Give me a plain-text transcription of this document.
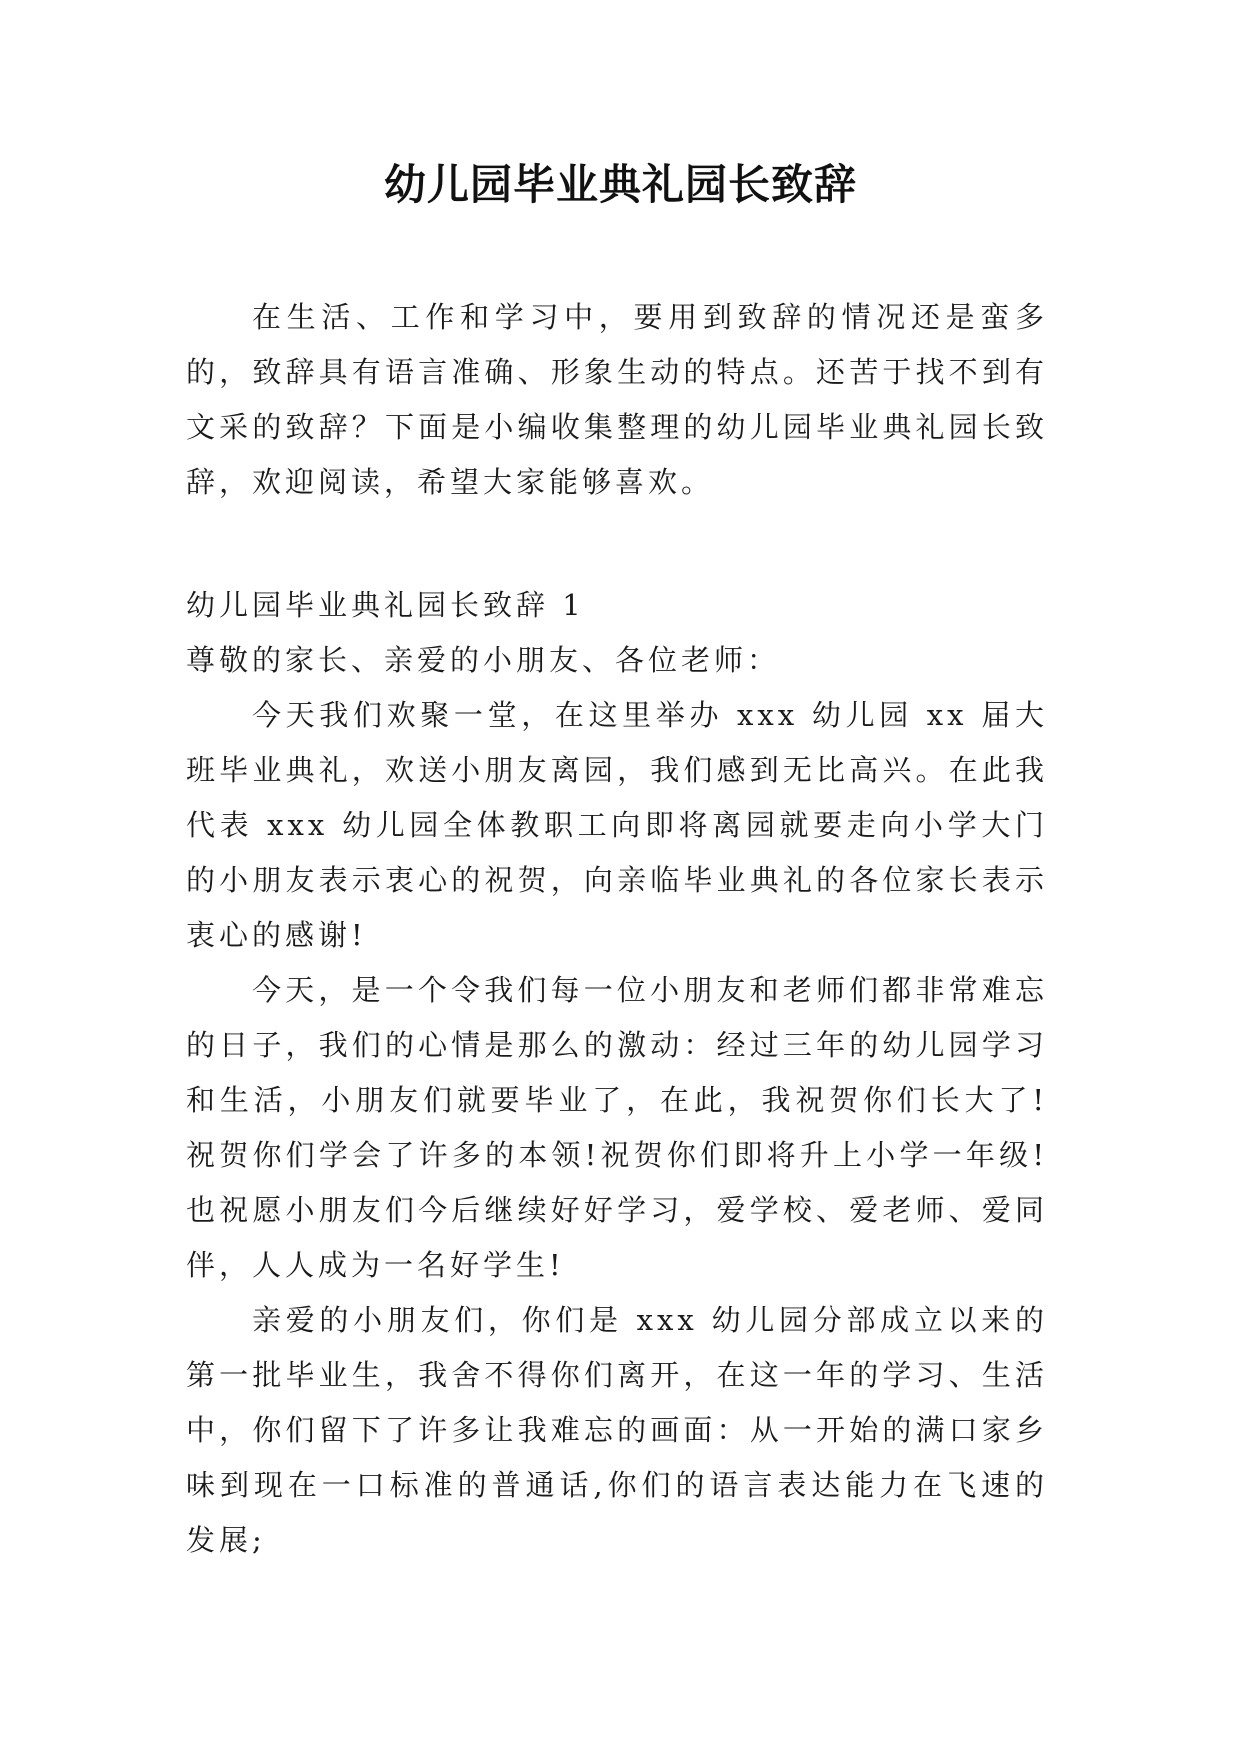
幼儿园毕业典礼园长致辞

在生活、工作和学习中，要用到致辞的情况还是蛮多的，致辞具有语言准确、形象生动的特点。还苦于找不到有文采的致辞？下面是小编收集整理的幼儿园毕业典礼园长致辞，欢迎阅读，希望大家能够喜欢。

幼儿园毕业典礼园长致辞 1

尊敬的家长、亲爱的小朋友、各位老师：

今天我们欢聚一堂，在这里举办 xxx 幼儿园 xx 届大班毕业典礼，欢送小朋友离园，我们感到无比高兴。在此我代表 xxx 幼儿园全体教职工向即将离园就要走向小学大门的小朋友表示衷心的祝贺，向亲临毕业典礼的各位家长表示衷心的感谢!

今天，是一个令我们每一位小朋友和老师们都非常难忘的日子，我们的心情是那么的激动：经过三年的幼儿园学习和生活，小朋友们就要毕业了，在此，我祝贺你们长大了!祝贺你们学会了许多的本领!祝贺你们即将升上小学一年级!也祝愿小朋友们今后继续好好学习，爱学校、爱老师、爱同伴，人人成为一名好学生!

亲爱的小朋友们，你们是 xxx 幼儿园分部成立以来的第一批毕业生，我舍不得你们离开，在这一年的学习、生活中，你们留下了许多让我难忘的画面：从一开始的满口家乡味到现在一口标准的普通话,你们的语言表达能力在飞速的发展;
